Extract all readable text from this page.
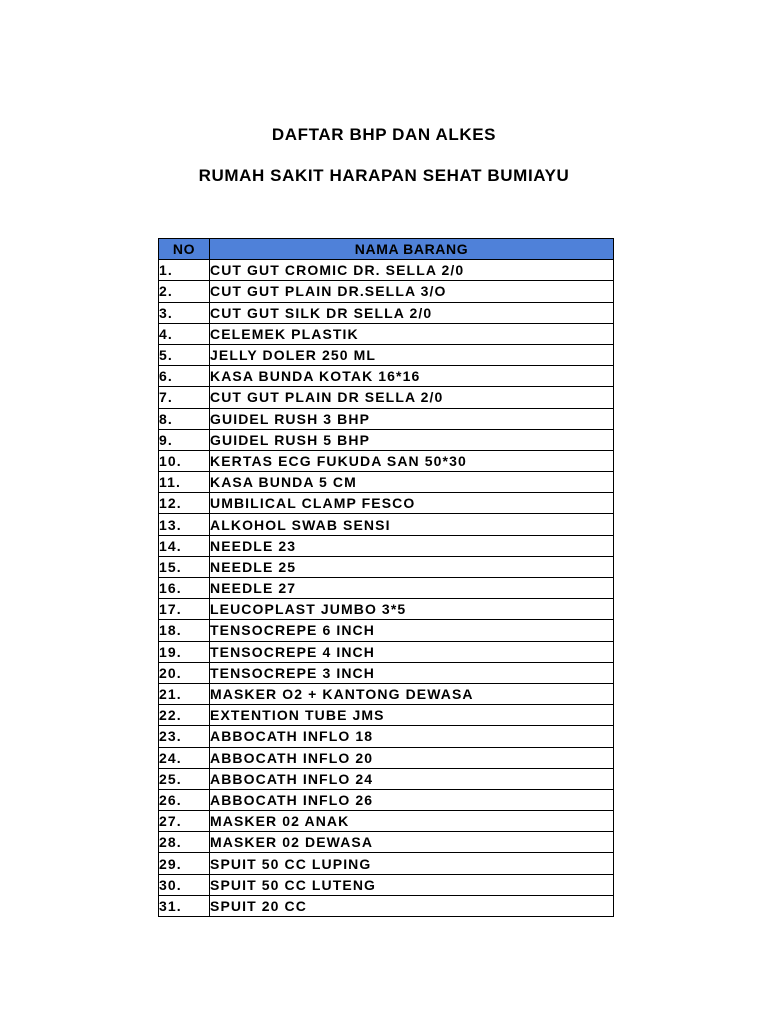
DAFTAR BHP DAN ALKES
RUMAH SAKIT HARAPAN SEHAT BUMIAYU
NO	NAMA BARANG
1.	CUT GUT CROMIC DR. SELLA 2/0
2.	CUT GUT PLAIN DR.SELLA 3/O
3.	CUT GUT SILK DR SELLA 2/0
4.	CELEMEK PLASTIK
5.	JELLY DOLER 250 ML
6.	KASA BUNDA KOTAK 16*16
7.	CUT GUT PLAIN DR SELLA 2/0
8.	GUIDEL RUSH 3 BHP
9.	GUIDEL RUSH 5 BHP
10.	KERTAS ECG FUKUDA SAN 50*30
11.	KASA BUNDA 5 CM
12.	UMBILICAL CLAMP FESCO
13.	ALKOHOL SWAB SENSI
14.	NEEDLE 23
15.	NEEDLE 25
16.	NEEDLE 27
17.	LEUCOPLAST JUMBO 3*5
18.	TENSOCREPE 6 INCH
19.	TENSOCREPE 4 INCH
20.	TENSOCREPE 3 INCH
21.	MASKER O2 + KANTONG DEWASA
22.	EXTENTION TUBE JMS
23.	ABBOCATH INFLO 18
24.	ABBOCATH INFLO 20
25.	ABBOCATH INFLO 24
26.	ABBOCATH INFLO 26
27.	MASKER 02 ANAK
28.	MASKER 02 DEWASA
29.	SPUIT 50 CC LUPING
30.	SPUIT 50 CC LUTENG
31.	SPUIT 20 CC
